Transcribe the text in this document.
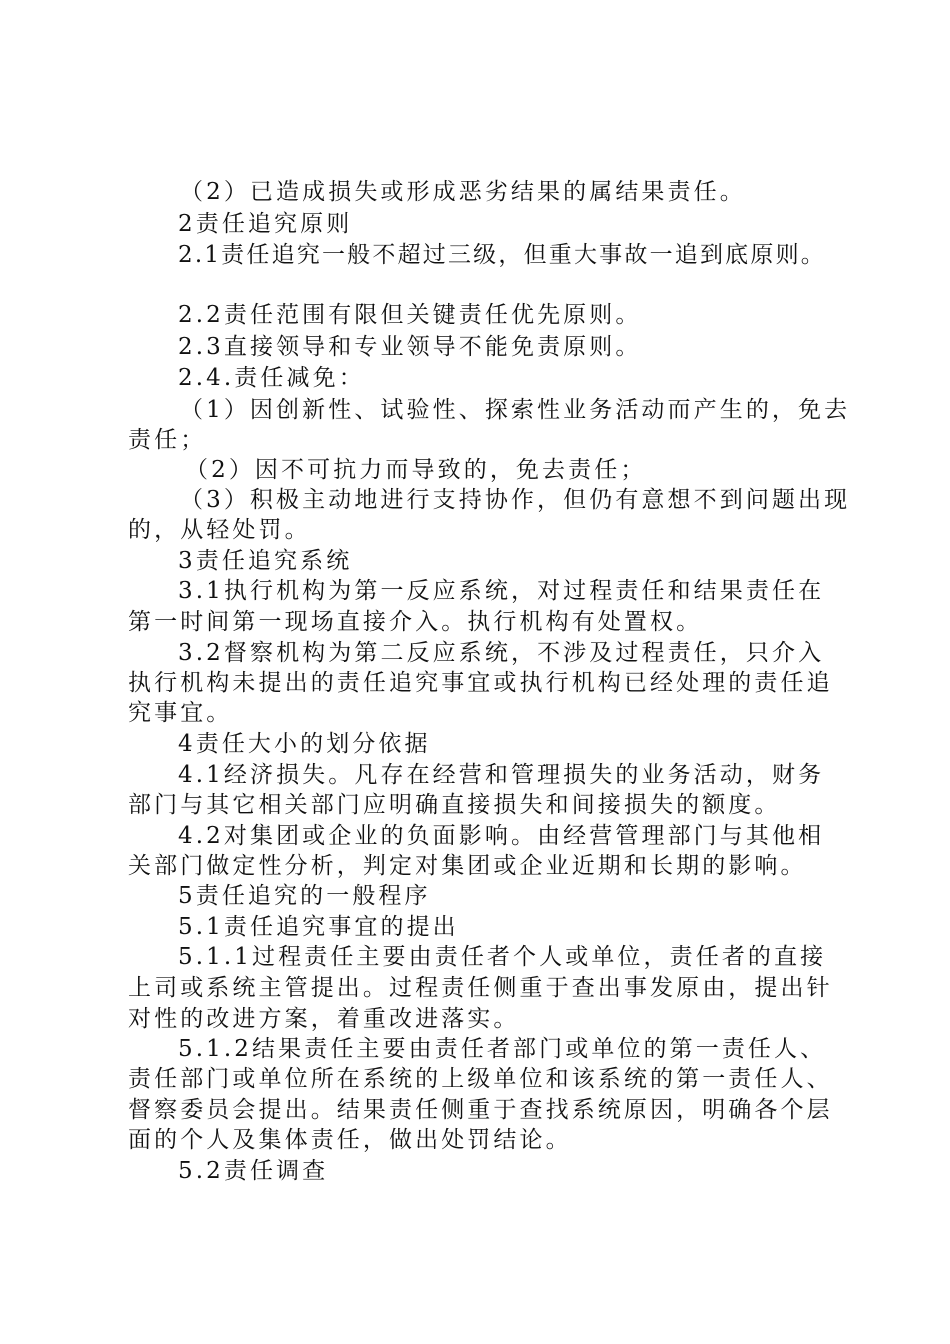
（2）已造成损失或形成恶劣结果的属结果责任。
2责任追究原则
2.1责任追究一般不超过三级，但重大事故一追到底原则。
2.2责任范围有限但关键责任优先原则。
2.3直接领导和专业领导不能免责原则。
2.4.责任减免：
（1）因创新性、试验性、探索性业务活动而产生的，免去
责任；
（2）因不可抗力而导致的，免去责任；
（3）积极主动地进行支持协作，但仍有意想不到问题出现
的，从轻处罚。
3责任追究系统
3.1执行机构为第一反应系统，对过程责任和结果责任在
第一时间第一现场直接介入。执行机构有处置权。
3.2督察机构为第二反应系统，不涉及过程责任，只介入
执行机构未提出的责任追究事宜或执行机构已经处理的责任追
究事宜。
4责任大小的划分依据
4.1经济损失。凡存在经营和管理损失的业务活动，财务
部门与其它相关部门应明确直接损失和间接损失的额度。
4.2对集团或企业的负面影响。由经营管理部门与其他相
关部门做定性分析，判定对集团或企业近期和长期的影响。
5责任追究的一般程序
5.1责任追究事宜的提出
5.1.1过程责任主要由责任者个人或单位，责任者的直接
上司或系统主管提出。过程责任侧重于查出事发原由，提出针
对性的改进方案，着重改进落实。
5.1.2结果责任主要由责任者部门或单位的第一责任人、
责任部门或单位所在系统的上级单位和该系统的第一责任人、
督察委员会提出。结果责任侧重于查找系统原因，明确各个层
面的个人及集体责任，做出处罚结论。
5.2责任调查
